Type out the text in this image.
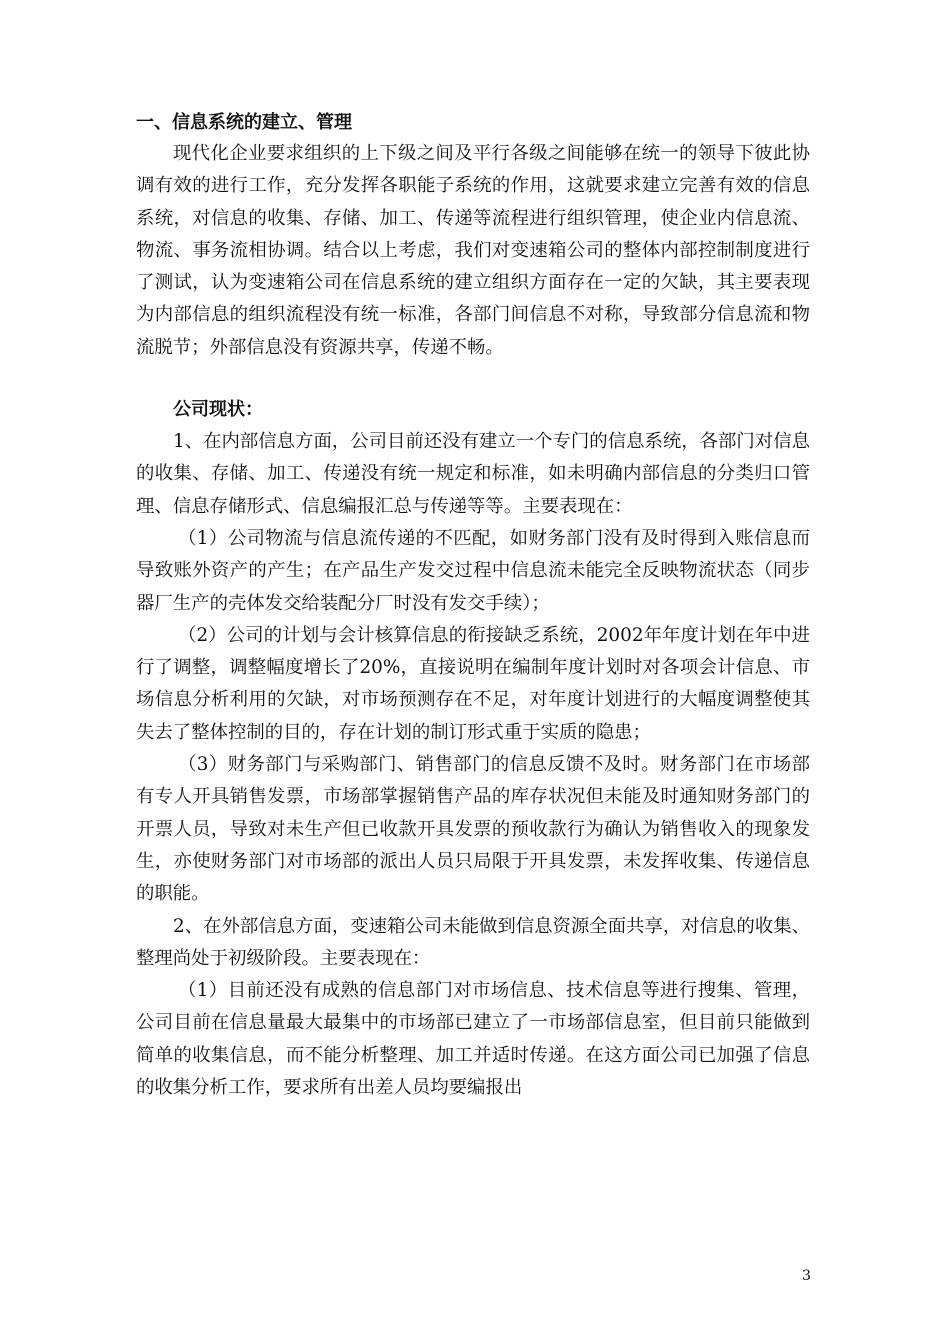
一、信息系统的建立、管理

现代化企业要求组织的上下级之间及平行各级之间能够在统一的领导下彼此协调有效的进行工作，充分发挥各职能子系统的作用，这就要求建立完善有效的信息系统，对信息的收集、存储、加工、传递等流程进行组织管理，使企业内信息流、物流、事务流相协调。结合以上考虑，我们对变速箱公司的整体内部控制制度进行了测试，认为变速箱公司在信息系统的建立组织方面存在一定的欠缺，其主要表现为内部信息的组织流程没有统一标准，各部门间信息不对称，导致部分信息流和物流脱节；外部信息没有资源共享，传递不畅。

公司现状：

1、在内部信息方面，公司目前还没有建立一个专门的信息系统，各部门对信息的收集、存储、加工、传递没有统一规定和标准，如未明确内部信息的分类归口管理、信息存储形式、信息编报汇总与传递等等。主要表现在：

（1）公司物流与信息流传递的不匹配，如财务部门没有及时得到入账信息而导致账外资产的产生；在产品生产发交过程中信息流未能完全反映物流状态（同步器厂生产的壳体发交给装配分厂时没有发交手续）；

（2）公司的计划与会计核算信息的衔接缺乏系统，2002年年度计划在年中进行了调整，调整幅度增长了20%，直接说明在编制年度计划时对各项会计信息、市场信息分析利用的欠缺，对市场预测存在不足，对年度计划进行的大幅度调整使其失去了整体控制的目的，存在计划的制订形式重于实质的隐患；

（3）财务部门与采购部门、销售部门的信息反馈不及时。财务部门在市场部有专人开具销售发票，市场部掌握销售产品的库存状况但未能及时通知财务部门的开票人员，导致对未生产但已收款开具发票的预收款行为确认为销售收入的现象发生，亦使财务部门对市场部的派出人员只局限于开具发票，未发挥收集、传递信息的职能。

2、在外部信息方面，变速箱公司未能做到信息资源全面共享，对信息的收集、整理尚处于初级阶段。主要表现在：

（1）目前还没有成熟的信息部门对市场信息、技术信息等进行搜集、管理，公司目前在信息量最大最集中的市场部已建立了一市场部信息室，但目前只能做到简单的收集信息，而不能分析整理、加工并适时传递。在这方面公司已加强了信息的收集分析工作，要求所有出差人员均要编报出

3
